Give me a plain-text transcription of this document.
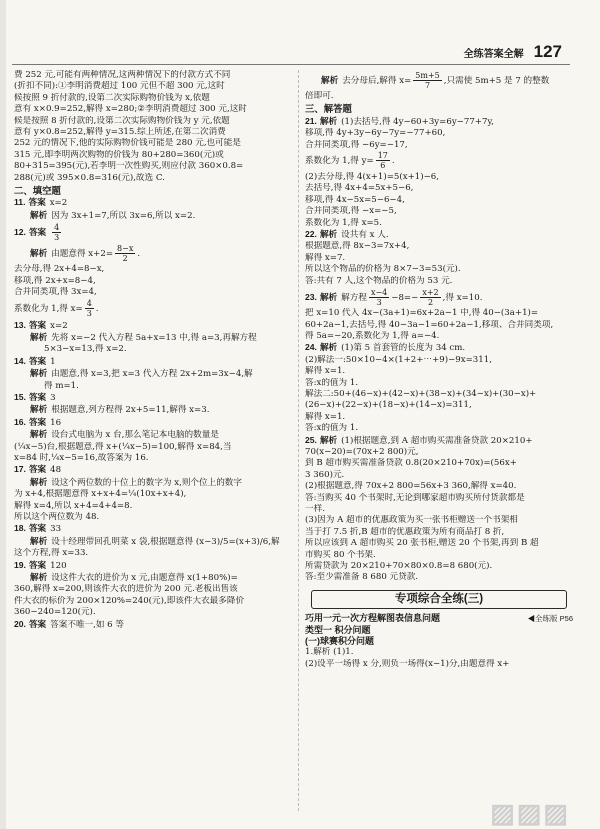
全练答案全解 127
费 252 元,可能有两种情况,这两种情况下的付款方式不同
(折扣不同):①李明消费超过 100 元但不超 300 元,这时
候按照 9 折付款的,设第二次实际购物价钱为 x,依题
意有 x×0.9=252,解得 x=280;②李明消费超过 300 元,这时
候是按照 8 折付款的,设第二次实际购物价钱为 y 元,依题
意有 y×0.8=252,解得 y=315.综上所述,在第二次消费
252 元的情况下,他的实际购物价钱可能是 280 元,也可能是
315 元,即李明两次购物的价钱为 80+280=360(元)或
80+315=395(元),若李明一次性购买,则应付款 360×0.8=
288(元)或 395×0.8=316(元),故选 C.
二、填空题
11. 答案 x=2
解析 因为 3x+1=7,所以 3x=6,所以 x=2.
12. 答案 $\frac{4}{3}$
解析 由题意得 $x+2= \frac{8-x}{2}$ .
去分母,得 2x+4=8−x,
移项,得 2x+x=8−4,
合并同类项,得 3x=4,
系数化为 1,得 $x= \frac{4}{3}$ .
13. 答案 x=2
解析 先将 x=−2 代入方程 5a+x=13 中,得 a=3,再解方程
5×3−x=13,得 x=2.
14. 答案 1
解析 由题意,得 x=3,把 x=3 代入方程 2x+2m=3x−4,解
得 m=1.
15. 答案 3
解析 根据题意,列方程得 2x+5=11,解得 x=3.
16. 答案 16
解析 设台式电脑为 x 台,那么笔记本电脑的数量是
(¼x−5)台,根据题意,得 x+(¼x−5)=100,解得 x=84,当
x=84 时,¼x−5=16,故答案为 16.
17. 答案 48
解析 设这个两位数的十位上的数字为 x,则个位上的数字
为 x+4,根据题意得 x+x+4=¼(10x+x+4),
解得 x=4,所以 x+4=4+4=8.
所以这个两位数为 48.
18. 答案 33
解析 设十经理带回孔明菜 x 袋,根据题意得 (x−3)/5=(x+3)/6,解
这个方程,得 x=33.
19. 答案 120
解析 设这件大衣的进价为 x 元,由题意得 x(1+80%)=
360,解得 x=200,则该件大衣的进价为 200 元.老板出售该
件大衣的标价为 200×120%=240(元),即该件大衣最多降价
360−240=120(元).
20. 答案 答案不唯一,如 6 等
解析 去分母后,解得 $x= \frac{5m+5}{7}$ ,只需使 5m+5 是 7 的整数
倍即可.
三、解答题
21. 解析 (1)去括号,得 4y−60+3y=6y−77+7y,
移项,得 4y+3y−6y−7y=−77+60,
合并同类项,得 −6y=−17,
系数化为 1,得 $y= \frac{17}{6}$ .
(2)去分母,得 4(x+1)=5(x+1)−6,
去括号,得 4x+4=5x+5−6,
移项,得 4x−5x=5−6−4,
合并同类项,得 −x=−5,
系数化为 1,得 x=5.
22. 解析 设共有 x 人.
根据题意,得 8x−3=7x+4,
解得 x=7.
所以这个物品的价格为 8×7−3=53(元).
答:共有 7 人,这个物品的价格为 53 元.
23. 解析 解方程 $\frac{x-4}{3} -8=- \frac{x+2}{2}$ ,得 x=10.
把 x=10 代入 4x−(3a+1)=6x+2a−1 中,得 40−(3a+1)=
60+2a−1,去括号,得 40−3a−1=60+2a−1,移项、合并同类项,
得 5a=−20,系数化为 1,得 a=−4.
24. 解析 (1)第 5 首套管的长度为 34 cm.
(2)解法一:50×10−4×(1+2+⋯+9)−9x=311,
解得 x=1.
答:x的值为 1.
解法二:50+(46−x)+(42−x)+(38−x)+(34−x)+(30−x)+
(26−x)+(22−x)+(18−x)+(14−x)=311,
解得 x=1.
答:x的值为 1.
25. 解析 (1)根据题意,到 A 超市购买需准备贷款 20×210+
70(x−20)=(70x+2 800)元,
到 B 超市购买需准备贷款 0.8(20×210+70x)=(56x+
3 360)元.
(2)根据题意,得 70x+2 800=56x+3 360,解得 x=40.
答:当购买 40 个书架时,无论到哪家超市购买所付货款都是
一样.
(3)因为 A 超市的优惠政策为买一张书柜赠送一个书架相
当于打 7.5 折,B 超市的优惠政策为所有商品打 8 折,
所以应该到 A 超市购买 20 张书柜,赠送 20 个书架,再到 B 超
市购买 80 个书架.
所需贷款为 20×210+70×80×0.8=8 680(元).
答:至少需准备 8 680 元贷款.
专项综合全练(三)
巧用一元一次方程解图表信息问题	◀全练版 P56
类型一 积分问题
(一)球赛积分问题
1.解析 (1)1.
(2)设平一场得 x 分,则负一场得(x−1)分,由题意得 x+
▨▨▨
